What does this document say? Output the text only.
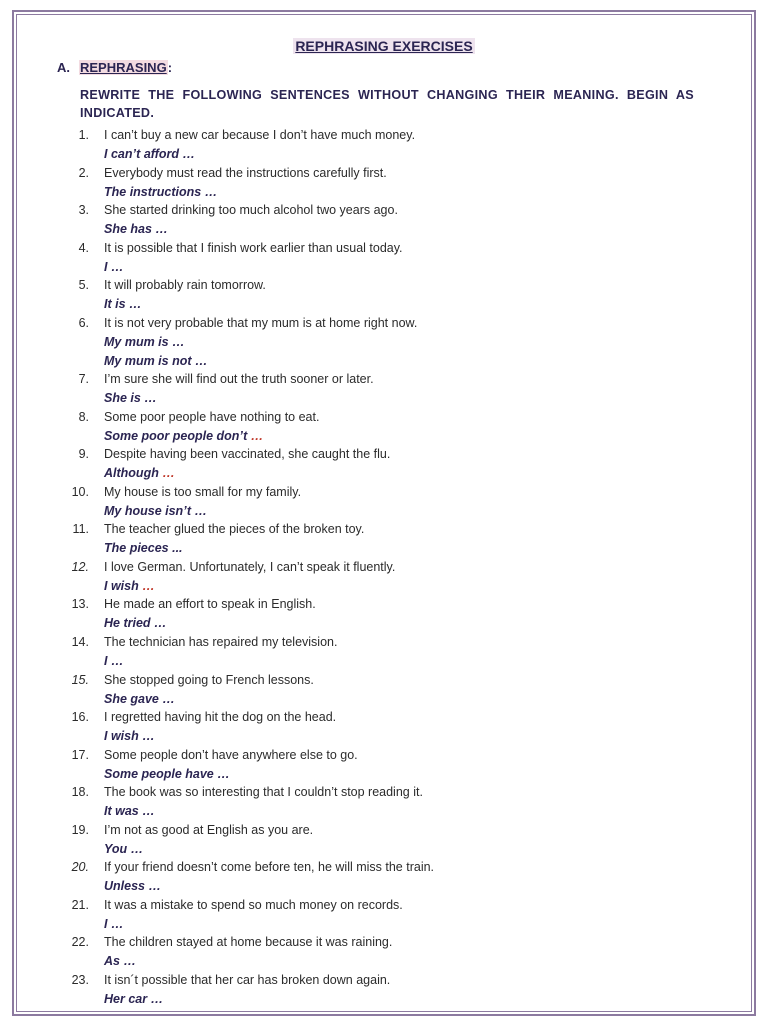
REPHRASING EXERCISES
A. REPHRASING:
REWRITE THE FOLLOWING SENTENCES WITHOUT CHANGING THEIR MEANING. BEGIN AS INDICATED.
1. I can’t buy a new car because I don’t have much money.
I can’t afford …
2. Everybody must read the instructions carefully first.
The instructions …
3. She started drinking too much alcohol two years ago.
She has …
4. It is possible that I finish work earlier than usual today.
I …
5. It will probably rain tomorrow.
It is …
6. It is not very probable that my mum is at home right now.
My mum is …
My mum is not …
7. I’m sure she will find out the truth sooner or later.
She is …
8. Some poor people have nothing to eat.
Some poor people don’t …
9. Despite having been vaccinated, she caught the flu.
Although …
10. My house is too small for my family.
My house isn’t …
11. The teacher glued the pieces of the broken toy.
The pieces ...
12. I love German. Unfortunately, I can’t speak it fluently.
I wish …
13. He made an effort to speak in English.
He tried …
14. The technician has repaired my television.
I …
15. She stopped going to French lessons.
She gave …
16. I regretted having hit the dog on the head.
I wish …
17. Some people don’t have anywhere else to go.
Some people have …
18. The book was so interesting that I couldn’t stop reading it.
It was …
19. I’m not as good at English as you are.
You …
20. If your friend doesn’t come before ten, he will miss the train.
Unless …
21. It was a mistake to spend so much money on records.
I …
22. The children stayed at home because it was raining.
As …
23. It isn´t possible that her car has broken down again.
Her car …
